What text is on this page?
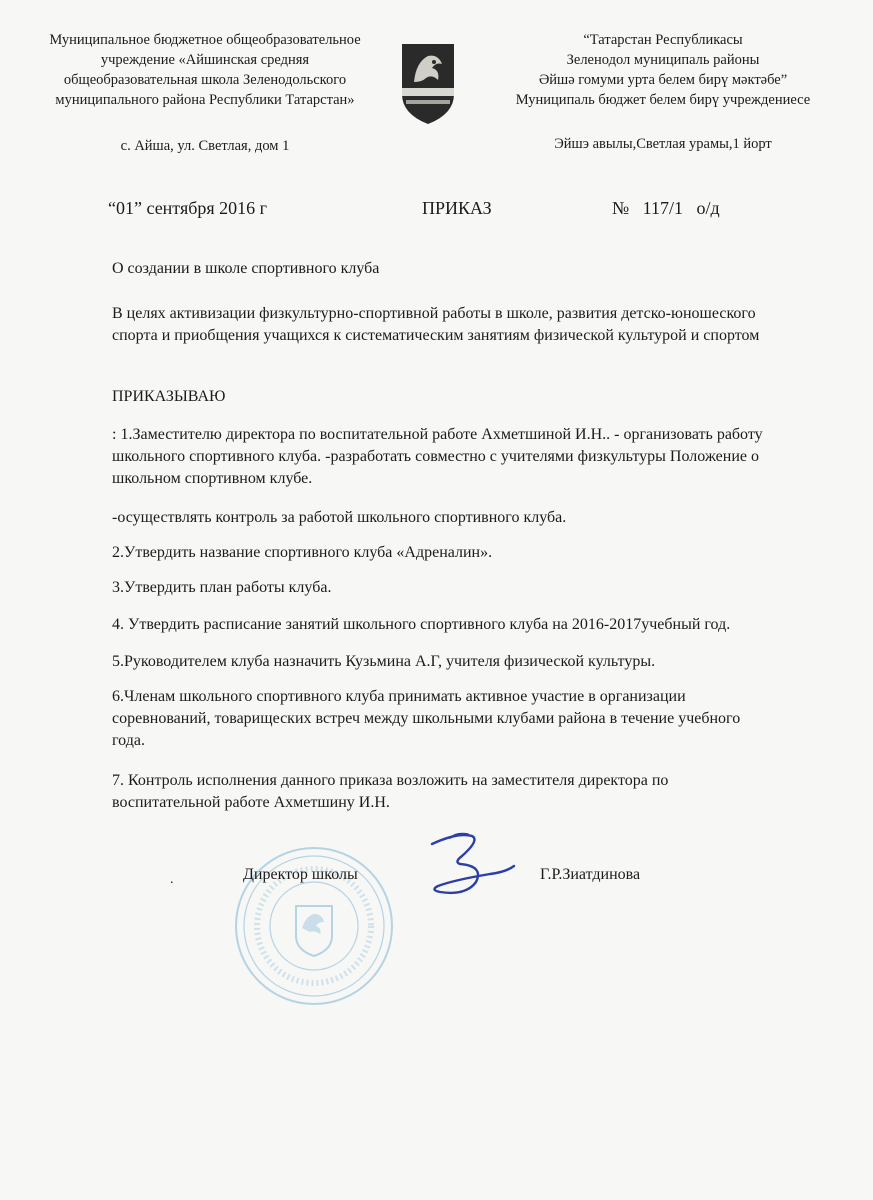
Муниципальное бюджетное общеобразовательное
учреждение «Айшинская средняя
общеобразовательная школа Зеленодольского
муниципального района Республики Татарстан»
с. Айша, ул. Светлая, дом 1
“Татарстан Республикасы
Зеленодол муниципаль районы
Әйшә гомуми урта белем бирү мәктәбе”
Муниципаль бюджет белем бирү учреждениесе
Эйшэ авылы,Светлая урамы,1 йорт
“01” сентября 2016 г	ПРИКАЗ	№   117/1   о/д

О создании в школе спортивного клуба

В целях активизации физкультурно-спортивной работы в школе, развития детско-юношеского спорта и приобщения учащихся к систематическим занятиям физической культурой и спортом

ПРИКАЗЫВАЮ

: 1.Заместителю директора по воспитательной работе Ахметшиной И.Н.. - организовать работу школьного спортивного клуба. -разработать совместно с учителями физкультуры Положение о школьном спортивном клубе.

-осуществлять контроль за работой школьного спортивного клуба.

2.Утвердить название спортивного клуба «Адреналин».

3.Утвердить план работы клуба.

4. Утвердить расписание занятий школьного спортивного клуба на 2016-2017учебный год.

5.Руководителем клуба назначить Кузьмина А.Г, учителя физической культуры.

6.Членам школьного спортивного клуба принимать активное участие в организации соревнований, товарищеских встреч между школьными клубами района в течение учебного года.

7. Контроль исполнения данного приказа возложить на заместителя директора по воспитательной работе Ахметшину И.Н.

.	Директор школы	Г.Р.Зиатдинова
